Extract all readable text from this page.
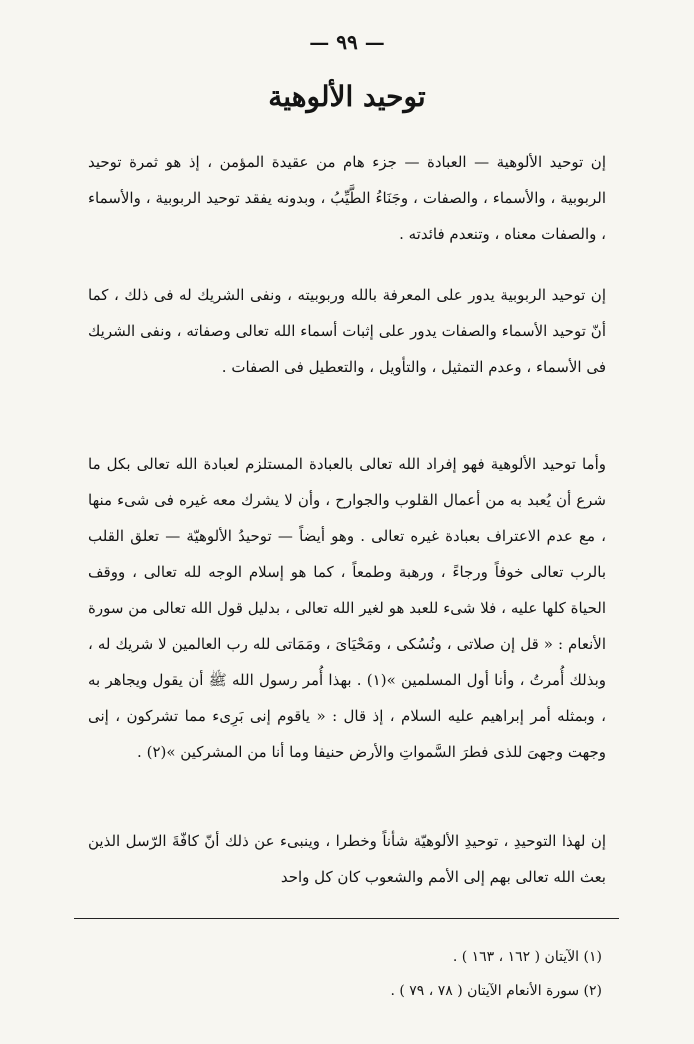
— ٩٩ —
توحيد الألوهية

إن توحيد الألوهية — العبادة — جزء هام من عقيدة المؤمن ، إذ هو ثمرة توحيد الربوبية ، والأسماء ، والصفات ، وجَنَاءُ الطَّيِّبُ ، وبدونه يفقد توحيد الربوبية ، والأسماء ، والصفات معناه ، وتنعدم فائدته .

إن توحيد الربوبية يدور على المعرفة بالله وربوبيته ، ونفى الشريك له فى ذلك ، كما أنّ توحيد الأسماء والصفات يدور على إثبات أسماء الله تعالى وصفاته ، ونفى الشريك فى الأسماء ، وعدم التمثيل ، والتأويل ، والتعطيل فى الصفات .

وأما توحيد الألوهية فهو إفراد الله تعالى بالعبادة المستلزم لعبادة الله تعالى بكل ما شرع أن يُعبد به من أعمال القلوب والجوارح ، وأن لا يشرك معه غيره فى شىء منها ، مع عدم الاعتراف بعبادة غيره تعالى . وهو أيضاً — توحيدُ الألوهيّة — تعلق القلب بالرب تعالى خوفاً ورجاءً ، ورهبة وطمعاً ، كما هو إسلام الوجه لله تعالى ، ووقف الحياة كلها عليه ، فلا شىء للعبد هو لغير الله تعالى ، بدليل قول الله تعالى من سورة الأنعام : « قل إن صلاتى ، ونُسُكى ، ومَحْيَاىَ ، ومَمَاتى لله رب العالمين لا شريك له ، وبذلك أُمرتُ ، وأنا أول المسلمين »(١) . بهذا أُمر رسول الله ﷺ أن يقول ويجاهر به ، وبمثله أمر إبراهيم عليه السلام ، إذ قال : « ياقوم إنى بَرِىء مما تشركون ، إنى وجهت وجهىَ للذى فطرَ السَّمواتِ والأرض حنيفا وما أنا من المشركين »(٢) .

إن لهذا التوحيدِ ، توحيدِ الألوهيّة شأناً وخطرا ، وينبىء عن ذلك أنّ كافّةَ الرّسل الذين بعث الله تعالى بهم إلى الأمم والشعوب كان كل واحد

(١) الآيتان ( ١٦٢ ، ١٦٣ ) .
(٢) سورة الأنعام الآيتان ( ٧٨ ، ٧٩ ) .
